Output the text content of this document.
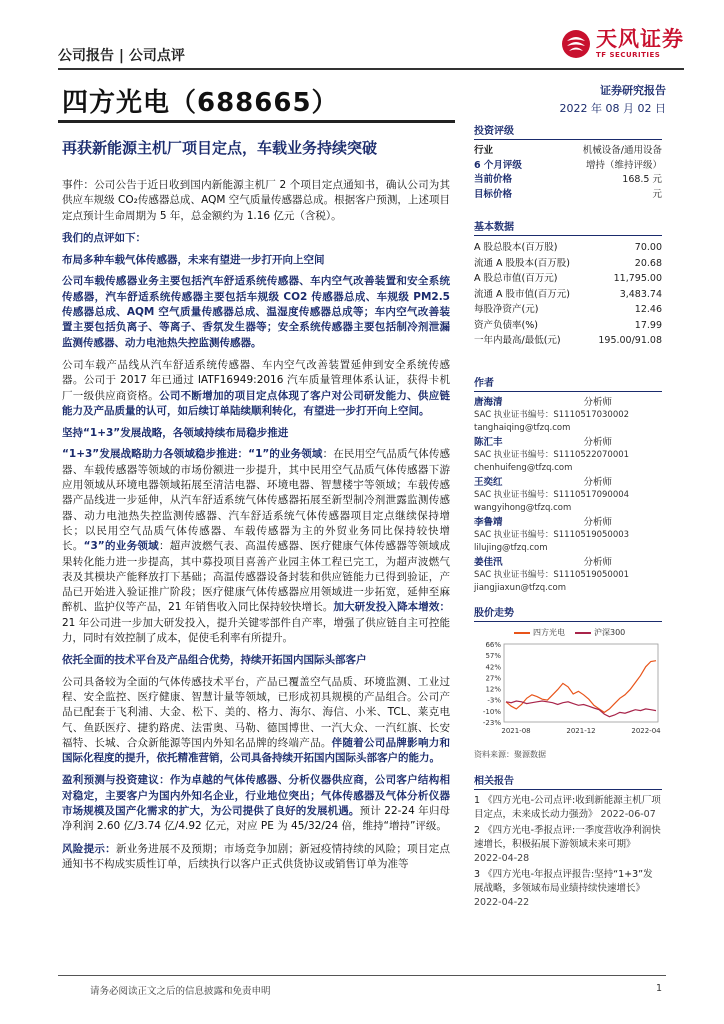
公司报告 | 公司点评
天风证券
TF SECURITIES
四方光电（688665）	证券研究报告
2022 年 08 月 02 日
再获新能源主机厂项目定点，车载业务持续突破

事件：公司公告于近日收到国内新能源主机厂 2 个项目定点通知书，确认公司为其供应车规级 CO₂传感器总成、AQM 空气质量传感器总成。根据客户预测，上述项目定点预计生命周期为 5 年，总金额约为 1.16 亿元（含税）。

我们的点评如下：

布局多种车载气体传感器，未来有望进一步打开向上空间

公司车载传感器业务主要包括汽车舒适系统传感器、车内空气改善装置和安全系统传感器，汽车舒适系统传感器主要包括车规级 CO2 传感器总成、车规级 PM2.5 传感器总成、AQM 空气质量传感器总成、温湿度传感器总成等；车内空气改善装置主要包括负离子、等离子、香氛发生器等；安全系统传感器主要包括制冷剂泄漏监测传感器、动力电池热失控监测传感器。

公司车载产品线从汽车舒适系统传感器、车内空气改善装置延伸到安全系统传感器。公司于 2017 年已通过 IATF16949:2016 汽车质量管理体系认证，获得卡机厂一级供应商资格。公司不断增加的项目定点体现了客户对公司研发能力、供应链能力及产品质量的认可，如后续订单陆续顺利转化，有望进一步打开向上空间。

坚持“1+3”发展战略，各领域持续布局稳步推进

“1+3”发展战略助力各领域稳步推进：“1”的业务领域：在民用空气品质气体传感器、车载传感器等领域的市场份额进一步提升，其中民用空气品质气体传感器下游应用领域从环境电器领域拓展至清洁电器、环境电器、智慧楼宇等领域；车载传感器产品线进一步延伸，从汽车舒适系统气体传感器拓展至新型制冷剂泄露监测传感器、动力电池热失控监测传感器、汽车舒适系统气体传感器项目定点继续保持增长；以民用空气品质气体传感器、车载传感器为主的外贸业务同比保持较快增长。“3”的业务领域：超声波燃气表、高温传感器、医疗健康气体传感器等领域成果转化能力进一步提高，其中募投项目喜善产业园主体工程已完工，为超声波燃气表及其模块产能释放打下基础；高温传感器设备封装和供应链能力已得到验证，产品已开始进入验证推广阶段；医疗健康气体传感器应用领域进一步拓宽，延伸至麻醉机、监护仪等产品，21 年销售收入同比保持较快增长。加大研发投入降本增效：21 年公司进一步加大研发投入，提升关键零部件自产率，增强了供应链自主可控能力，同时有效控制了成本，促使毛利率有所提升。

依托全面的技术平台及产品组合优势，持续开拓国内国际头部客户

公司具备较为全面的气体传感技术平台，产品已覆盖空气品质、环境监测、工业过程、安全监控、医疗健康、智慧计量等领域，已形成初具规模的产品组合。公司产品已配套于飞利浦、大金、松下、美的、格力、海尔、海信、小米、TCL、莱克电气、鱼跃医疗、捷豹路虎、法雷奥、马勒、德国博世、一汽大众、一汽红旗、长安福特、长城、合众新能源等国内外知名品牌的终端产品。伴随着公司品牌影响力和国际化程度的提升，依托精准营销，公司具备持续开拓国内国际头部客户的能力。

盈利预测与投资建议：作为卓越的气体传感器、分析仪器供应商，公司客户结构相对稳定，主要客户为国内外知名企业，行业地位突出；气体传感器及气体分析仪器市场规模及国产化需求的扩大，为公司提供了良好的发展机遇。预计 22-24 年归母净利润 2.60 亿/3.74 亿/4.92 亿元，对应 PE 为 45/32/24 倍，维持“增持”评级。

风险提示：新业务进展不及预期；市场竞争加剧；新冠疫情持续的风险；项目定点通知书不构成实质性订单，后续执行以客户正式供货协议或销售订单为准等

投资评级
行业	机械设备/通用设备
6 个月评级	增持（维持评级）
当前价格	168.5 元
目标价格	元
基本数据
A 股总股本(百万股)	70.00
流通 A 股股本(百万股)	20.68
A 股总市值(百万元)	11,795.00
流通 A 股市值(百万元)	3,483.74
每股净资产(元)	12.46
资产负债率(%)	17.99
一年内最高/最低(元)	195.00/91.08
作者
唐海清	分析师
SAC 执业证书编号：S1110517030002
tanghaiqing@tfzq.com
陈汇丰	分析师
SAC 执业证书编号：S1110522070001
chenhuifeng@tfzq.com
王奕红	分析师
SAC 执业证书编号：S1110517090004
wangyihong@tfzq.com
李鲁靖	分析师
SAC 执业证书编号：S1110519050003
lilujing@tfzq.com
姜佳汛	分析师
SAC 执业证书编号：S1110519050001
jiangjiaxun@tfzq.com
股价走势
四方光电	沪深300
66%
57%
42%
27%
12%
-3%
-10%
-23%
2021-08	2021-12	2022-04
资料来源：聚源数据
相关报告
1 《四方光电-公司点评:收到新能源主机厂项目定点，未来成长动力强劲》 2022-06-07
2 《四方光电-季报点评:一季度营收净利润快速增长，积极拓展下游领域未来可期》 2022-04-28
3 《四方光电-年报点评报告:坚持“1+3”发展战略，多领域布局业绩持续快速增长》 2022-04-22
请务必阅读正文之后的信息披露和免责申明	1
